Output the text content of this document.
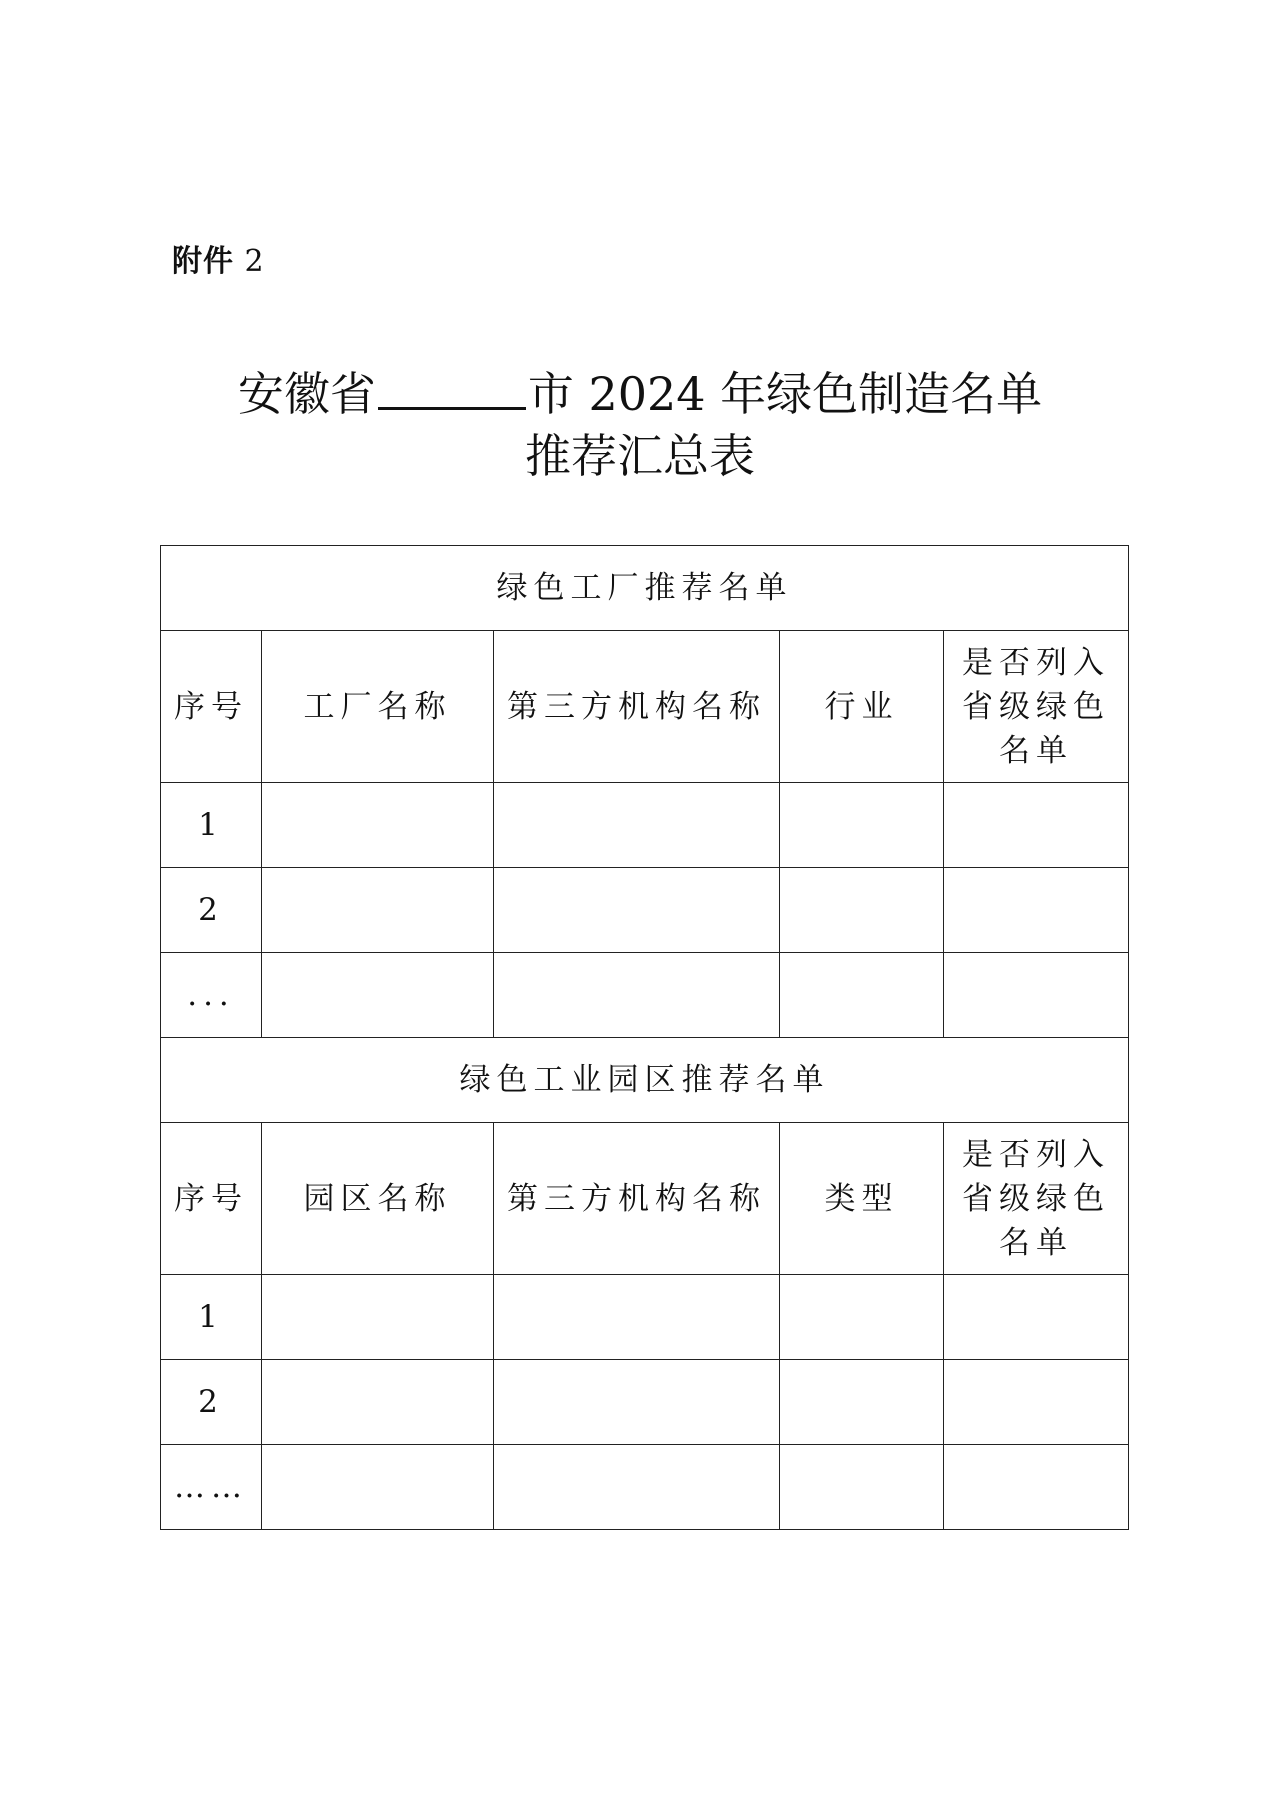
附件 2
安徽省	市 2024 年绿色制造名单
推荐汇总表
绿色工厂推荐名单				
序号	工厂名称	第三方机构名称	行业	是否列入
省级绿色
名单

1				
2				
...				
绿色工业园区推荐名单				
序号	园区名称	第三方机构名称	类型	是否列入
省级绿色
名单

1				
2				
……				
